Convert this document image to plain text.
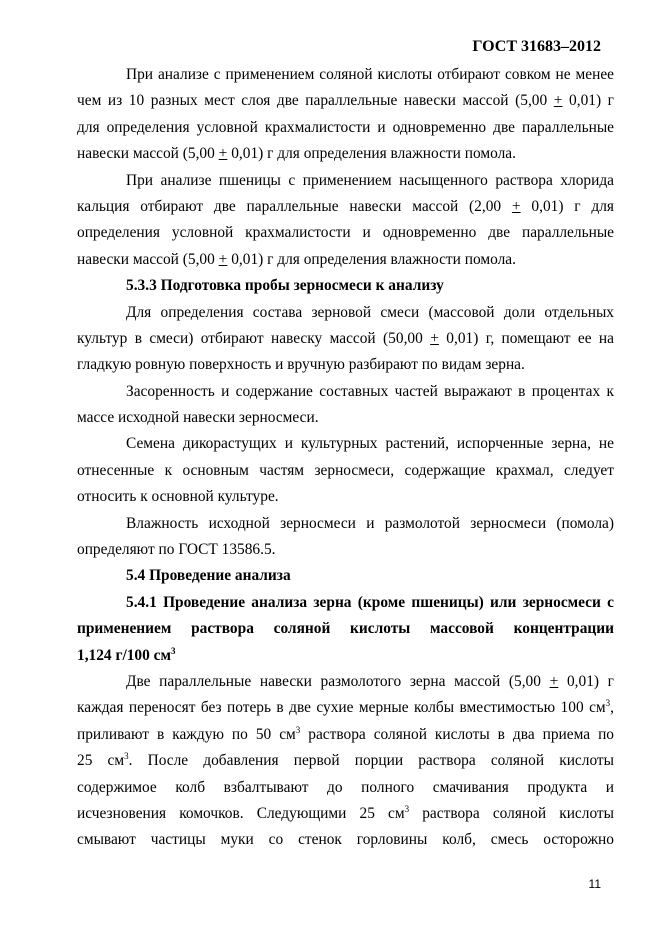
ГОСТ 31683–2012
При анализе с применением соляной кислоты отбирают совком не менее
чем из 10 разных мест слоя две параллельные навески массой (5,00 + 0,01) г
для определения условной крахмалистости и одновременно две параллельные
навески массой (5,00 + 0,01) г для определения влажности помола.
При анализе пшеницы с применением насыщенного раствора хлорида
кальция отбирают две параллельные навески массой (2,00 + 0,01) г для
определения условной крахмалистости и одновременно две параллельные
навески массой (5,00 + 0,01) г для определения влажности помола.
5.3.3 Подготовка пробы зерносмеси к анализу
Для определения состава зерновой смеси (массовой доли отдельных
культур в смеси) отбирают навеску массой (50,00 + 0,01) г, помещают ее на
гладкую ровную поверхность и вручную разбирают по видам зерна.
Засоренность и содержание составных частей выражают в процентах к
массе исходной навески зерносмеси.
Семена дикорастущих и культурных растений, испорченные зерна, не
отнесенные к основным частям зерносмеси, содержащие крахмал, следует
относить к основной культуре.
Влажность исходной зерносмеси и размолотой зерносмеси (помола)
определяют по ГОСТ 13586.5.
5.4 Проведение анализа
5.4.1 Проведение анализа зерна (кроме пшеницы) или зерносмеси с
применением раствора соляной кислоты массовой концентрации
1,124 г/100 $см^3$
Две параллельные навески размолотого зерна массой (5,00 + 0,01) г
каждая переносят без потерь в две сухие мерные колбы вместимостью 100 $см^3$,
приливают в каждую по 50 $см^3$ раствора соляной кислоты в два приема по
25 $см^3$. После добавления первой порции раствора соляной кислоты
содержимое колб взбалтывают до полного смачивания продукта и
исчезновения комочков. Следующими 25 $см^3$ раствора соляной кислоты
смывают частицы муки со стенок горловины колб, смесь осторожно
11
